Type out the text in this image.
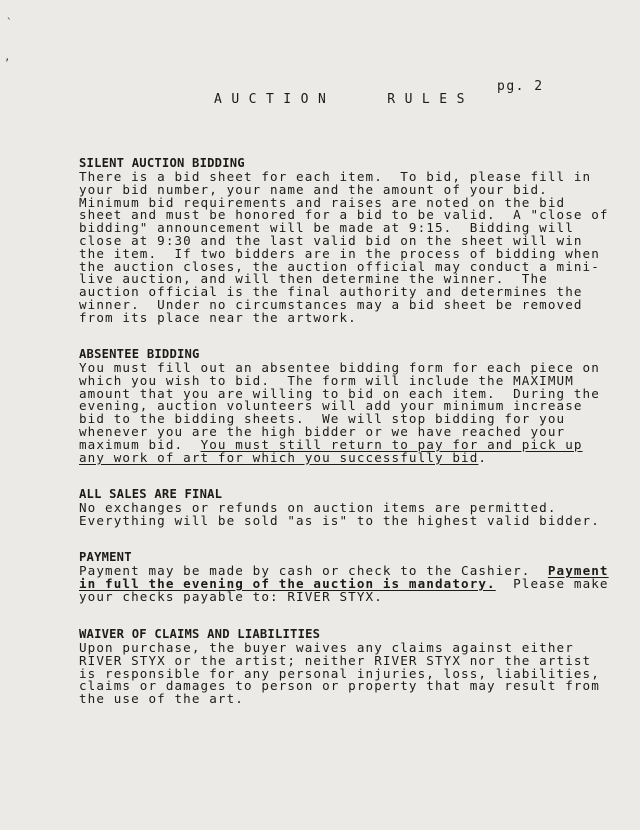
`
,
pg. 2
AUCTION   RULES

SILENT AUCTION BIDDING

There is a bid sheet for each item.  To bid, please fill in

your bid number, your name and the amount of your bid.

Minimum bid requirements and raises are noted on the bid

sheet and must be honored for a bid to be valid.  A "close of

bidding" announcement will be made at 9:15.  Bidding will

close at 9:30 and the last valid bid on the sheet will win

the item.  If two bidders are in the process of bidding when

the auction closes, the auction official may conduct a mini-

live auction, and will then determine the winner.  The

auction official is the final authority and determines the

winner.  Under no circumstances may a bid sheet be removed

from its place near the artwork.

ABSENTEE BIDDING

You must fill out an absentee bidding form for each piece on

which you wish to bid.  The form will include the MAXIMUM

amount that you are willing to bid on each item.  During the

evening, auction volunteers will add your minimum increase

bid to the bidding sheets.  We will stop bidding for you

whenever you are the high bidder or we have reached your

maximum bid.  You must still return to pay for and pick up

any work of art for which you successfully bid.

ALL SALES ARE FINAL

No exchanges or refunds on auction items are permitted.

Everything will be sold "as is" to the highest valid bidder.

PAYMENT

Payment may be made by cash or check to the Cashier.  Payment

in full the evening of the auction is mandatory.  Please make

your checks payable to: RIVER STYX.

WAIVER OF CLAIMS AND LIABILITIES

Upon purchase, the buyer waives any claims against either

RIVER STYX or the artist; neither RIVER STYX nor the artist

is responsible for any personal injuries, loss, liabilities,

claims or damages to person or property that may result from

the use of the art.
